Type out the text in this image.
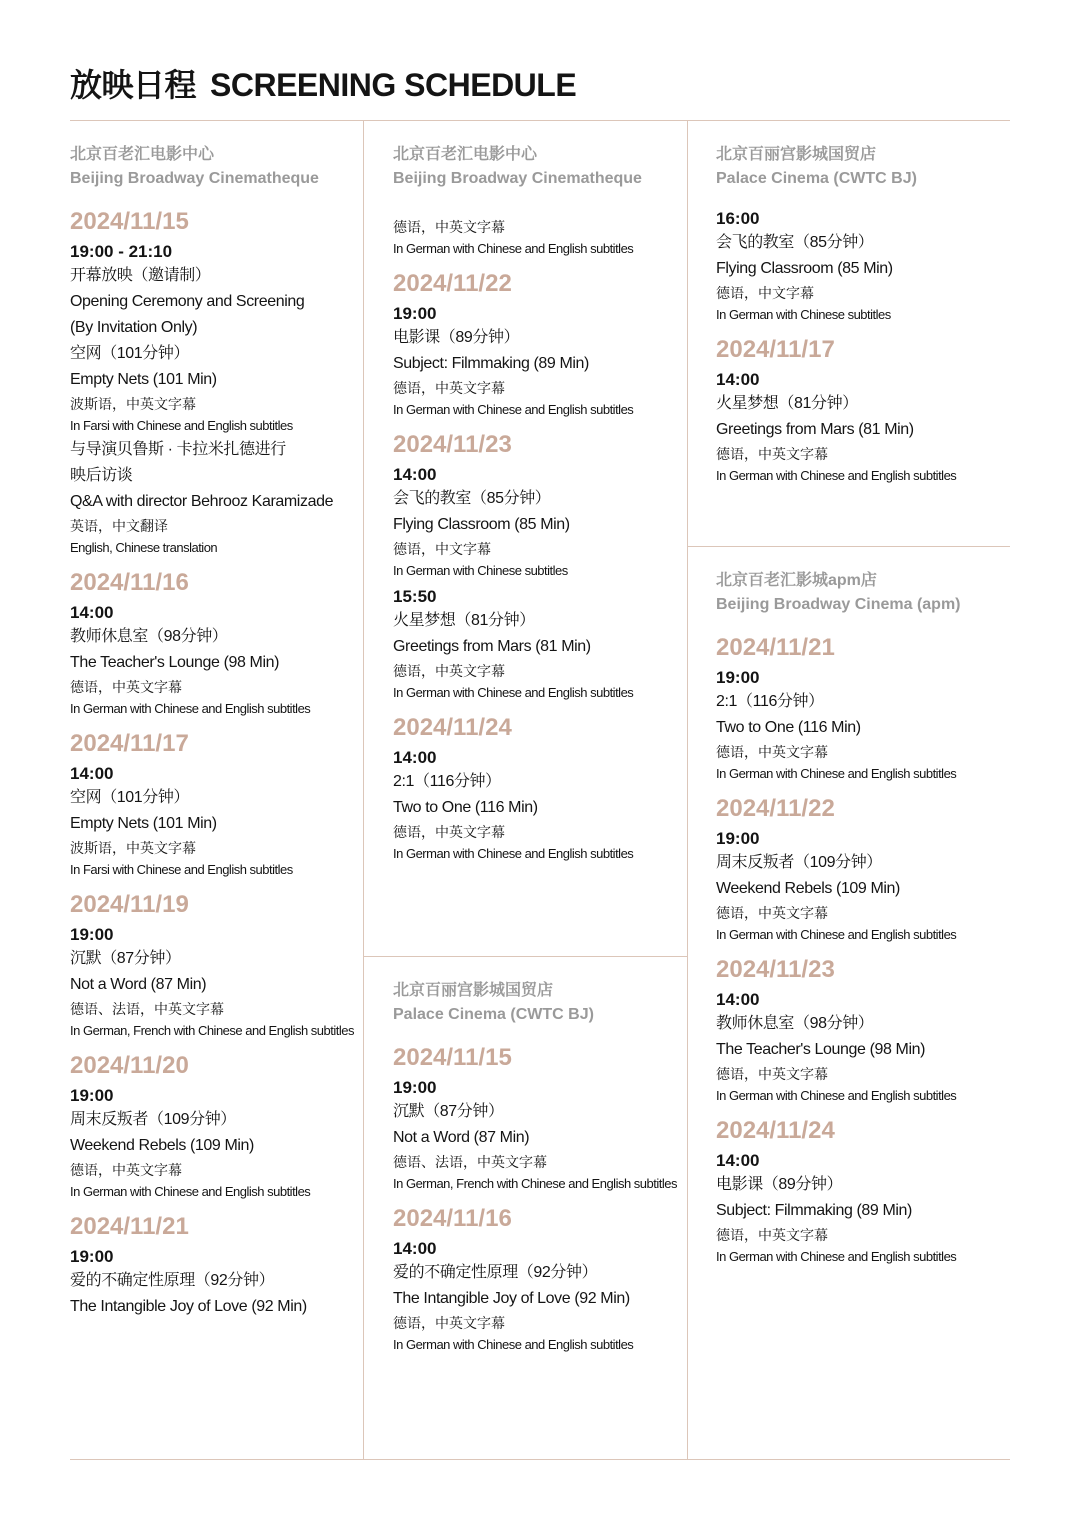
放映日程 SCREENING SCHEDULE
北京百老汇电影中心
Beijing Broadway Cinematheque
2024/11/15
19:00 - 21:10
开幕放映（邀请制）
Opening Ceremony and Screening
(By Invitation Only)
空网（101分钟）
Empty Nets (101 Min)
波斯语，中英文字幕
In Farsi with Chinese and English subtitles
与导演贝鲁斯 · 卡拉米扎德进行
映后访谈
Q&A with director Behrooz Karamizade
英语，中文翻译
English, Chinese translation
2024/11/16
14:00
教师休息室（98分钟）
The Teacher's Lounge (98 Min)
德语，中英文字幕
In German with Chinese and English subtitles
2024/11/17
14:00
空网（101分钟）
Empty Nets (101 Min)
波斯语，中英文字幕
In Farsi with Chinese and English subtitles
2024/11/19
19:00
沉默（87分钟）
Not a Word (87 Min)
德语、法语，中英文字幕
In German, French with Chinese and English subtitles
2024/11/20
19:00
周末反叛者（109分钟）
Weekend Rebels (109 Min)
德语，中英文字幕
In German with Chinese and English subtitles
2024/11/21
19:00
爱的不确定性原理（92分钟）
The Intangible Joy of Love (92 Min)
北京百老汇电影中心
Beijing Broadway Cinematheque
德语，中英文字幕
In German with Chinese and English subtitles
2024/11/22
19:00
电影课（89分钟）
Subject: Filmmaking (89 Min)
德语，中英文字幕
In German with Chinese and English subtitles
2024/11/23
14:00
会飞的教室（85分钟）
Flying Classroom (85 Min)
德语，中文字幕
In German with Chinese subtitles
15:50
火星梦想（81分钟）
Greetings from Mars (81 Min)
德语，中英文字幕
In German with Chinese and English subtitles
2024/11/24
14:00
2:1（116分钟）
Two to One (116 Min)
德语，中英文字幕
In German with Chinese and English subtitles
北京百丽宫影城国贸店
Palace Cinema (CWTC BJ)
2024/11/15
19:00
沉默（87分钟）
Not a Word (87 Min)
德语、法语，中英文字幕
In German, French with Chinese and English subtitles
2024/11/16
14:00
爱的不确定性原理（92分钟）
The Intangible Joy of Love (92 Min)
德语，中英文字幕
In German with Chinese and English subtitles
北京百丽宫影城国贸店
Palace Cinema (CWTC BJ)
16:00
会飞的教室（85分钟）
Flying Classroom (85 Min)
德语，中文字幕
In German with Chinese subtitles
2024/11/17
14:00
火星梦想（81分钟）
Greetings from Mars (81 Min)
德语，中英文字幕
In German with Chinese and English subtitles
北京百老汇影城apm店
Beijing Broadway Cinema (apm)
2024/11/21
19:00
2:1（116分钟）
Two to One (116 Min)
德语，中英文字幕
In German with Chinese and English subtitles
2024/11/22
19:00
周末反叛者（109分钟）
Weekend Rebels (109 Min)
德语，中英文字幕
In German with Chinese and English subtitles
2024/11/23
14:00
教师休息室（98分钟）
The Teacher's Lounge (98 Min)
德语，中英文字幕
In German with Chinese and English subtitles
2024/11/24
14:00
电影课（89分钟）
Subject: Filmmaking (89 Min)
德语，中英文字幕
In German with Chinese and English subtitles
